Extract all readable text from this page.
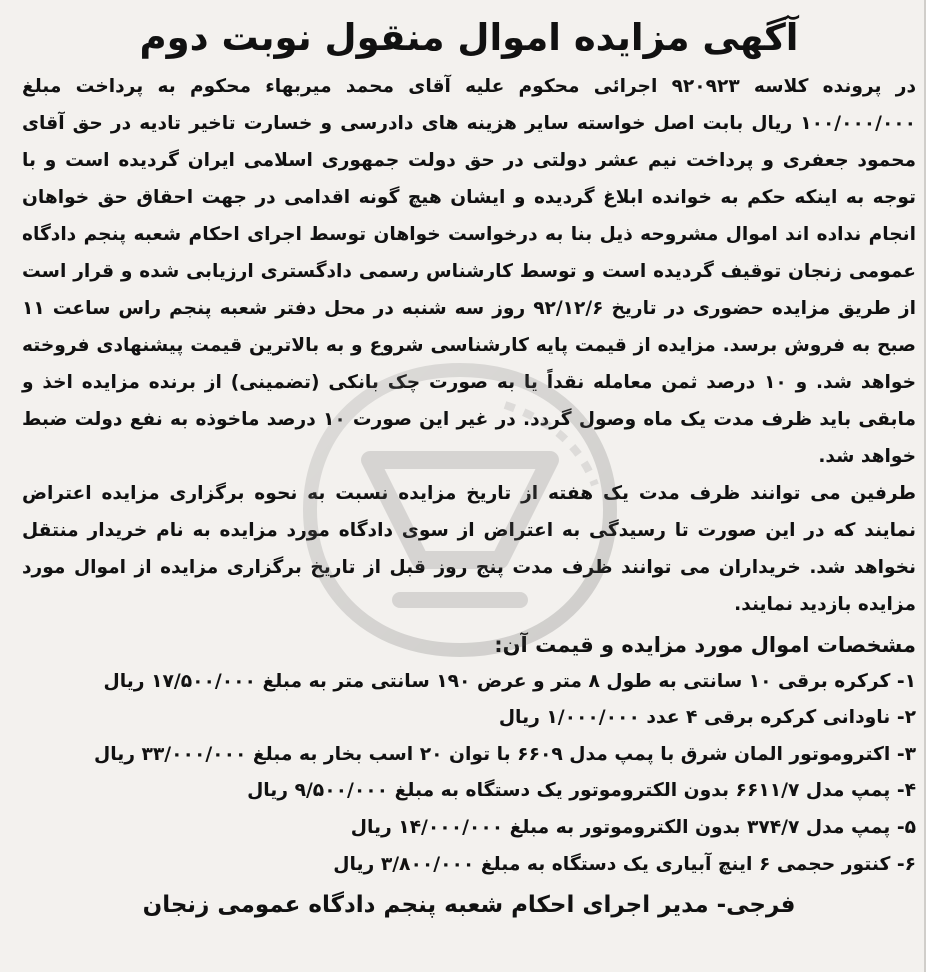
آگهی مزایده اموال منقول نوبت دوم

در پرونده کلاسه ۹۲۰۹۲۳ اجرائی محکوم علیه آقای محمد میربهاء محکوم به پرداخت مبلغ ۱۰۰/۰۰۰/۰۰۰ ریال بابت اصل خواسته سایر هزینه های دادرسی و خسارت تاخیر تادیه در حق آقای محمود جعفری و پرداخت نیم عشر دولتی در حق دولت جمهوری اسلامی ایران گردیده است و با توجه به اینکه حکم به خوانده ابلاغ گردیده و ایشان هیچ گونه اقدامی در جهت احقاق حق خواهان انجام نداده اند اموال مشروحه ذیل بنا به درخواست خواهان توسط اجرای احکام شعبه پنجم دادگاه عمومی زنجان توقیف گردیده است و توسط کارشناس رسمی دادگستری ارزیابی شده و قرار است از طریق مزایده حضوری در تاریخ ۹۲/۱۲/۶ روز سه شنبه در محل دفتر شعبه پنجم راس ساعت ۱۱ صبح به فروش برسد. مزایده از قیمت پایه کارشناسی شروع و به بالاترین قیمت پیشنهادی فروخته خواهد شد. و ۱۰ درصد ثمن معامله نقداً یا به صورت چک بانکی (تضمینی) از برنده مزایده اخذ و مابقی باید ظرف مدت یک ماه وصول گردد. در غیر این صورت ۱۰ درصد ماخوذه به نفع دولت ضبط خواهد شد.

طرفین می توانند ظرف مدت یک هفته از تاریخ مزایده نسبت به نحوه برگزاری مزایده اعتراض نمایند که در این صورت تا رسیدگی به اعتراض از سوی دادگاه مورد مزایده به نام خریدار منتقل نخواهد شد. خریداران می توانند ظرف مدت پنج روز قبل از تاریخ برگزاری مزایده از اموال مورد مزایده بازدید نمایند.

مشخصات اموال مورد مزایده و قیمت آن:
۱- کرکره برقی ۱۰ سانتی به طول ۸ متر و عرض ۱۹۰ سانتی متر به مبلغ ۱۷/۵۰۰/۰۰۰ ریال
۲- ناودانی کرکره برقی ۴ عدد ۱/۰۰۰/۰۰۰ ریال
۳- اکتروموتور المان شرق با پمپ مدل ۶۶۰۹ با توان ۲۰ اسب بخار به مبلغ ۳۳/۰۰۰/۰۰۰ ریال
۴- پمپ مدل ۶۶۱۱/۷ بدون الکتروموتور یک دستگاه به مبلغ ۹/۵۰۰/۰۰۰ ریال
۵- پمپ مدل ۳۷۴/۷ بدون الکتروموتور به مبلغ ۱۴/۰۰۰/۰۰۰ ریال
۶- کنتور حجمی ۶ اینچ آبیاری یک دستگاه به مبلغ ۳/۸۰۰/۰۰۰ ریال
فرجی- مدیر اجرای احکام شعبه پنجم دادگاه عمومی زنجان
